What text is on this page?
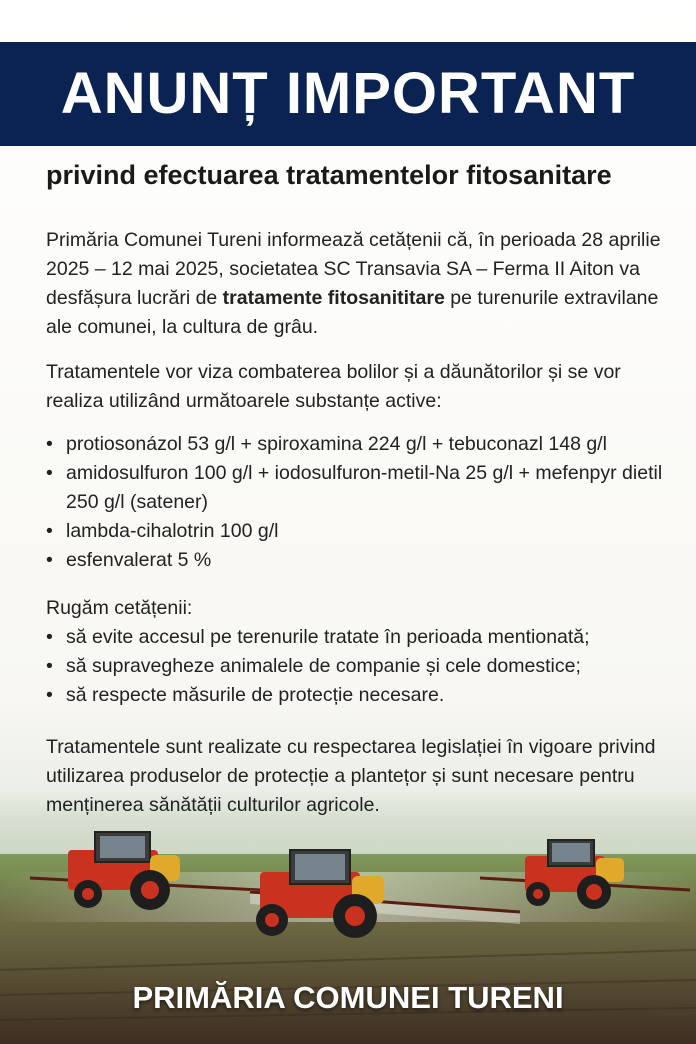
ANUNȚ IMPORTANT
privind efectuarea tratamentelor fitosanitare

Primăria Comunei Tureni informează cetățenii că, în perioada 28 aprilie 2025 – 12 mai 2025, societatea SC Transavia SA – Ferma II Aiton va desfășura lucrări de tratamente fitosanititare pe turenurile extravilane ale comunei, la cultura de grâu.

Tratamentele vor viza combaterea bolilor și a dăunătorilor și se vor realiza utilizând următoarele substanțe active:

• protiosonázol 53 g/l + spiroxamina 224 g/l + tebuconazl 148 g/l
• amidosulfuron 100 g/l + iodosulfuron-metil-Na 25 g/l + mefenpyr dietil 250 g/l (satener)
• lambda-cihalotrin 100 g/l
• esfenvalerat 5 %

Rugăm cetățenii:

• să evite accesul pe terenurile tratate în perioada mentionată;
• să supravegheze animalele de companie și cele domestice;
• să respecte măsurile de protecție necesare.

Tratamentele sunt realizate cu respectarea legislației în vigoare privind utilizarea produselor de protecție a plantețor și sunt necesare pentru menținerea sănătății culturilor agricole.

PRIMĂRIA COMUNEI TURENI
